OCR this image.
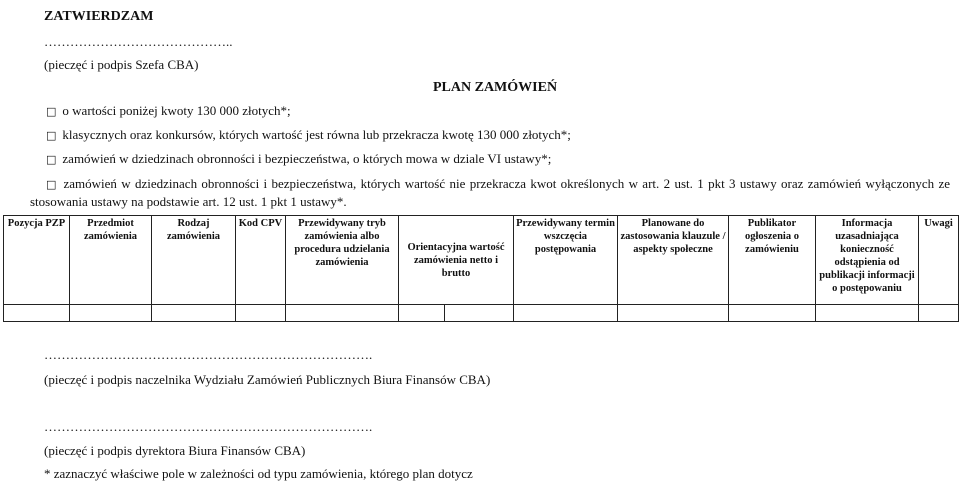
ZATWIERDZAM
……………………………………..
(pieczęć i podpis Szefa CBA)
PLAN ZAMÓWIEŃ
□ o wartości poniżej kwoty 130 000 złotych*;
□ klasycznych oraz konkursów, których wartość jest równa lub przekracza kwotę 130 000 złotych*;
□ zamówień w dziedzinach obronności i bezpieczeństwa, o których mowa w dziale VI ustawy*;
□ zamówień w dziedzinach obronności i bezpieczeństwa, których wartość nie przekracza kwot określonych w art. 2 ust. 1 pkt 3 ustawy oraz zamówień wyłączonych ze stosowania ustawy na podstawie art. 12 ust. 1 pkt 1 ustawy*.
Pozycja PZP	Przedmiot zamówienia	Rodzaj zamówienia	Kod CPV	Przewidywany tryb zamówienia albo procedura udzielania zamówienia	Orientacyjna wartość zamówienia netto i brutto	Przewidywany termin wszczęcia postępowania	Planowane do zastosowania klauzule / aspekty społeczne	Publikator ogłoszenia o zamówieniu	Informacja uzasadniająca konieczność odstąpienia od publikacji informacji o postępowaniu	Uwagi

………………………………………………………………….
(pieczęć i podpis naczelnika Wydziału Zamówień Publicznych Biura Finansów CBA)
………………………………………………………………….
(pieczęć i podpis dyrektora Biura Finansów CBA)
* zaznaczyć właściwe pole w zależności od typu zamówienia, którego plan dotycz
